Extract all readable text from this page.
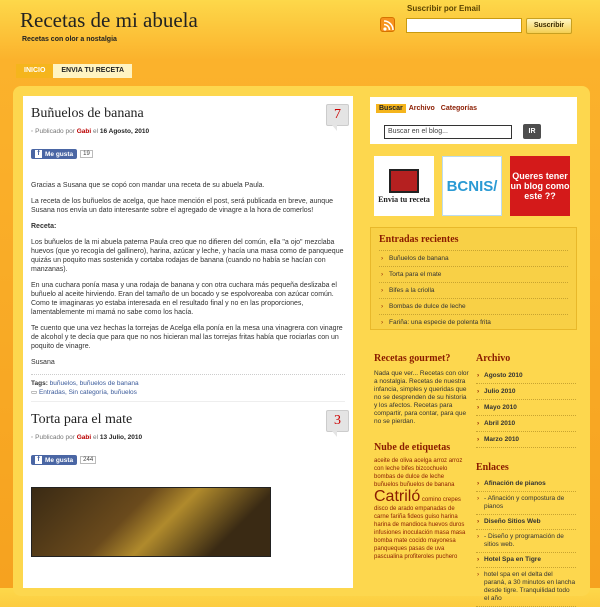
Recetas de mi abuela
Recetas con olor a nostalgia
Suscribir por Email
Suscribir
INICIO	ENVIA TU RECETA
Buñuelos de banana	7
◦ Publicado por Gabi el 16 Agosto, 2010
f Me gusta	19

Gracias a Susana que se copó con mandar una receta de su abuela Paula.

La receta de los buñuelos de acelga, que hace mención el post, será publicada en breve, aunque Susana nos envía un dato interesante sobre el agregado de vinagre a la hora de comerlos!

Receta:

Los buñuelos de la mi abuela paterna Paula creo que no difieren del común, ella "a ojo" mezclaba huevos (que yo recogía del gallinero), harina, azúcar y leche, y hacía una masa como de panqueque quizás un poquito mas sostenida y cortaba rodajas de banana (cuando no había se hacían con manzanas).

En una cuchara ponía masa y una rodaja de banana y con otra cuchara más pequeña deslizaba el buñuelo al aceite hirviendo. Eran del tamaño de un bocado y se espolvoreaba con azúcar común. Como te imaginaras yo estaba interesada en el resultado final y no en las proporciones, lamentablemente mi mamá no sabe como los hacía.

Te cuento que una vez hechas la torrejas de Acelga ella ponía en la mesa una vinagrera con vinagre de alcohol y te decía que para que no nos hicieran mal las torrejas fritas había que rociarlas con un poquito de vinagre.

Susana

Tags: buñuelos, buñuelos de banana
▭ Entradas, Sin categoría, buñuelos
Torta para el mate	3
◦ Publicado por Gabi el 13 Julio, 2010
f Me gusta	244
Buscar Archivo Categorías
Buscar en el blog...	IR
Envia tu receta
BCNIS/
Queres tener un blog como este ??
Entradas recientes
› Buñuelos de banana
› Torta para el mate
› Bifes a la criolla
› Bombas de dulce de leche
› Fariña: una especie de polenta frita
Recetas gourmet?
Nada que ver... Recetas con olor a nostalgia. Recetas de nuestra infancia, simples y queridas que no se desprenden de su historia y los afectos. Recetas para compartir, para contar, para que no se pierdan.
Nube de etiquetas
aceite de oliva acelga arroz arroz con leche bifes bizcochuelo bombas de dulce de leche buñuelos buñuelos de banana Catriló comino crepes disco de arado empanadas de carne fariña fideos guiso harina harina de mandioca huevos duros infusiones inoculación masa masa bomba mate cocido mayonesa panqueques pasas de uva pascualina profiteroles puchero
Archivo
› Agosto 2010
› Julio 2010
› Mayo 2010
› Abril 2010
› Marzo 2010
Enlaces
› Afinación de pianos
› - Afinación y compostura de pianos
› Diseño Sitios Web
› - Diseño y programación de sitios web.
› Hotel Spa en Tigre
› hotel spa en el delta del paraná, a 30 minutos en lancha desde tigre. Tranquilidad todo el año
